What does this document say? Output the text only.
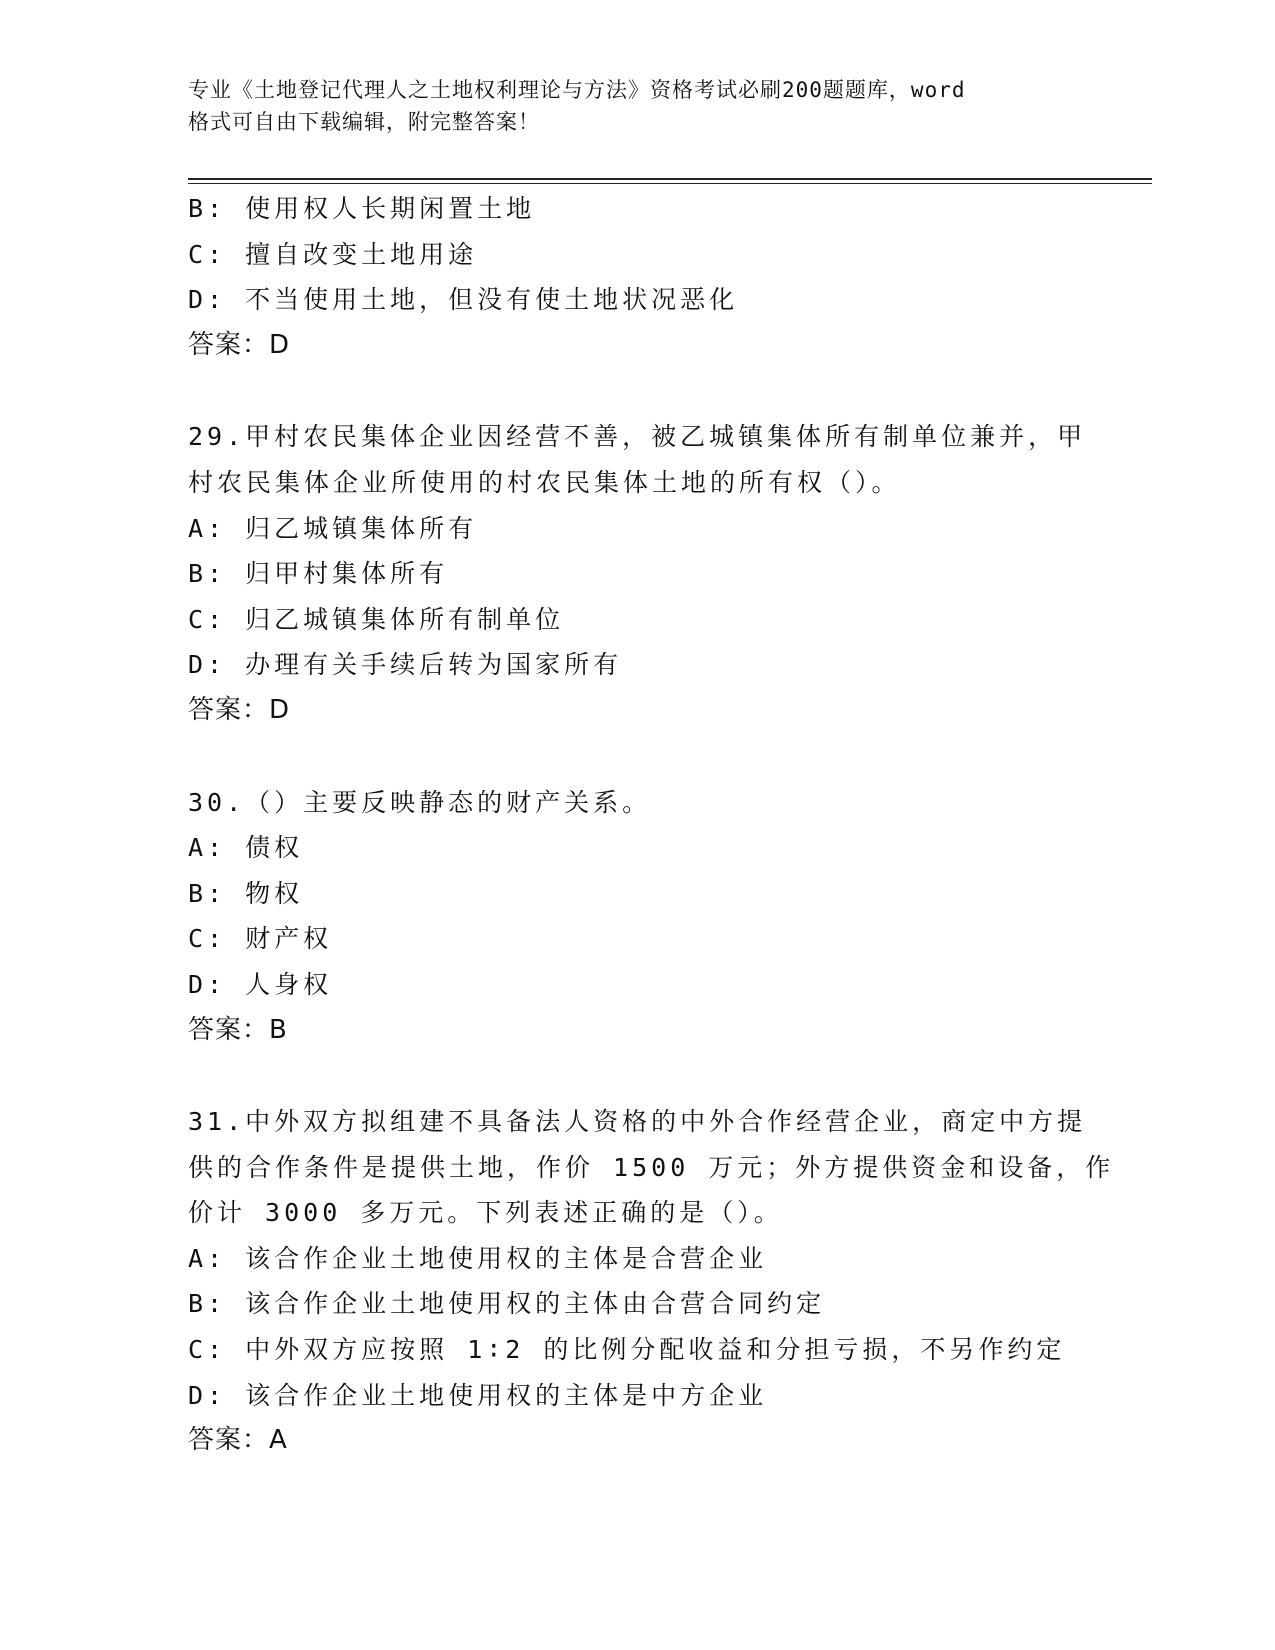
专业《土地登记代理人之土地权利理论与方法》资格考试必刷200题题库，word
格式可自由下载编辑，附完整答案！
B: 使用权人长期闲置土地
C: 擅自改变土地用途
D: 不当使用土地，但没有使土地状况恶化
答案：D
29.甲村农民集体企业因经营不善，被乙城镇集体所有制单位兼并，甲
村农民集体企业所使用的村农民集体土地的所有权（）。
A: 归乙城镇集体所有
B: 归甲村集体所有
C: 归乙城镇集体所有制单位
D: 办理有关手续后转为国家所有
答案：D
30.（）主要反映静态的财产关系。
A: 债权
B: 物权
C: 财产权
D: 人身权
答案：B
31.中外双方拟组建不具备法人资格的中外合作经营企业，商定中方提
供的合作条件是提供土地，作价 1500 万元；外方提供资金和设备，作
价计 3000 多万元。下列表述正确的是（）。
A: 该合作企业土地使用权的主体是合营企业
B: 该合作企业土地使用权的主体由合营合同约定
C: 中外双方应按照 1∶2 的比例分配收益和分担亏损，不另作约定
D: 该合作企业土地使用权的主体是中方企业
答案：A
